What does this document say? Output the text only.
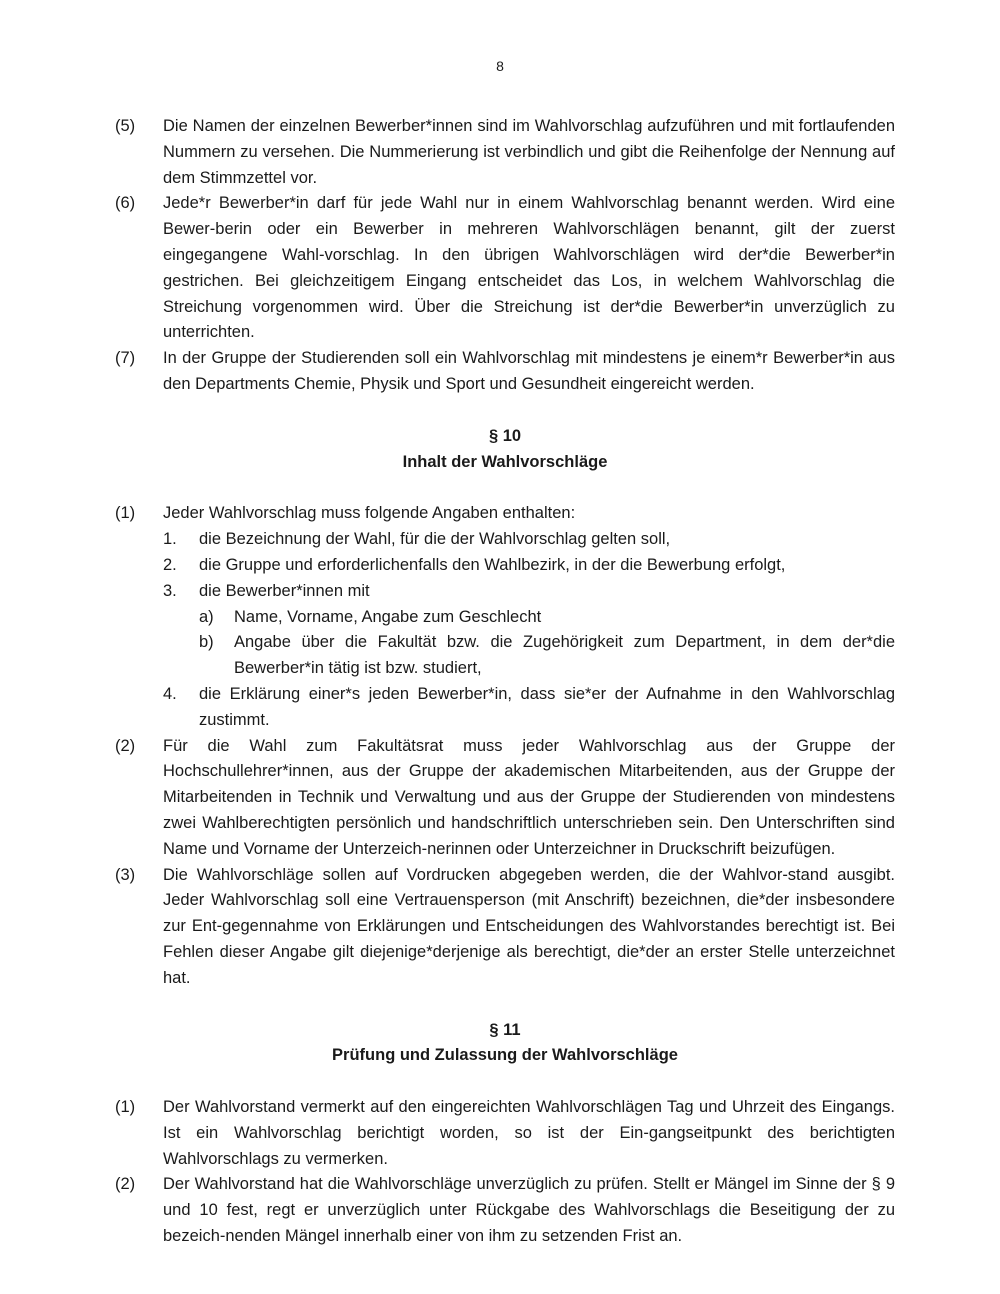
8
(5) Die Namen der einzelnen Bewerber*innen sind im Wahlvorschlag aufzuführen und mit fortlaufenden Nummern zu versehen. Die Nummerierung ist verbindlich und gibt die Reihenfolge der Nennung auf dem Stimmzettel vor.
(6) Jede*r Bewerber*in darf für jede Wahl nur in einem Wahlvorschlag benannt werden. Wird eine Bewer-berin oder ein Bewerber in mehreren Wahlvorschlägen benannt, gilt der zuerst eingegangene Wahl-vorschlag. In den übrigen Wahlvorschlägen wird der*die Bewerber*in gestrichen. Bei gleichzeitigem Eingang entscheidet das Los, in welchem Wahlvorschlag die Streichung vorgenommen wird. Über die Streichung ist der*die Bewerber*in unverzüglich zu unterrichten.
(7) In der Gruppe der Studierenden soll ein Wahlvorschlag mit mindestens je einem*r Bewerber*in aus den Departments Chemie, Physik und Sport und Gesundheit eingereicht werden.
§ 10
Inhalt der Wahlvorschläge
(1) Jeder Wahlvorschlag muss folgende Angaben enthalten:
1. die Bezeichnung der Wahl, für die der Wahlvorschlag gelten soll,
2. die Gruppe und erforderlichenfalls den Wahlbezirk, in der die Bewerbung erfolgt,
3. die Bewerber*innen mit
a) Name, Vorname, Angabe zum Geschlecht
b) Angabe über die Fakultät bzw. die Zugehörigkeit zum Department, in dem der*die Bewerber*in tätig ist bzw. studiert,
4. die Erklärung einer*s jeden Bewerber*in, dass sie*er der Aufnahme in den Wahlvorschlag zustimmt.
(2) Für die Wahl zum Fakultätsrat muss jeder Wahlvorschlag aus der Gruppe der Hochschullehrer*innen, aus der Gruppe der akademischen Mitarbeitenden, aus der Gruppe der Mitarbeitenden in Technik und Verwaltung und aus der Gruppe der Studierenden von mindestens zwei Wahlberechtigten persönlich und handschriftlich unterschrieben sein. Den Unterschriften sind Name und Vorname der Unterzeich-nerinnen oder Unterzeichner in Druckschrift beizufügen.
(3) Die Wahlvorschläge sollen auf Vordrucken abgegeben werden, die der Wahlvor-stand ausgibt. Jeder Wahlvorschlag soll eine Vertrauensperson (mit Anschrift) bezeichnen, die*der insbesondere zur Ent-gegennahme von Erklärungen und Entscheidungen des Wahlvorstandes berechtigt ist. Bei Fehlen dieser Angabe gilt diejenige*derjenige als berechtigt, die*der an erster Stelle unterzeichnet hat.
§ 11
Prüfung und Zulassung der Wahlvorschläge
(1) Der Wahlvorstand vermerkt auf den eingereichten Wahlvorschlägen Tag und Uhrzeit des Eingangs. Ist ein Wahlvorschlag berichtigt worden, so ist der Ein-gangseitpunkt des berichtigten Wahlvorschlags zu vermerken.
(2) Der Wahlvorstand hat die Wahlvorschläge unverzüglich zu prüfen. Stellt er Mängel im Sinne der § 9 und 10 fest, regt er unverzüglich unter Rückgabe des Wahlvorschlags die Beseitigung der zu bezeich-nenden Mängel innerhalb einer von ihm zu setzenden Frist an.
